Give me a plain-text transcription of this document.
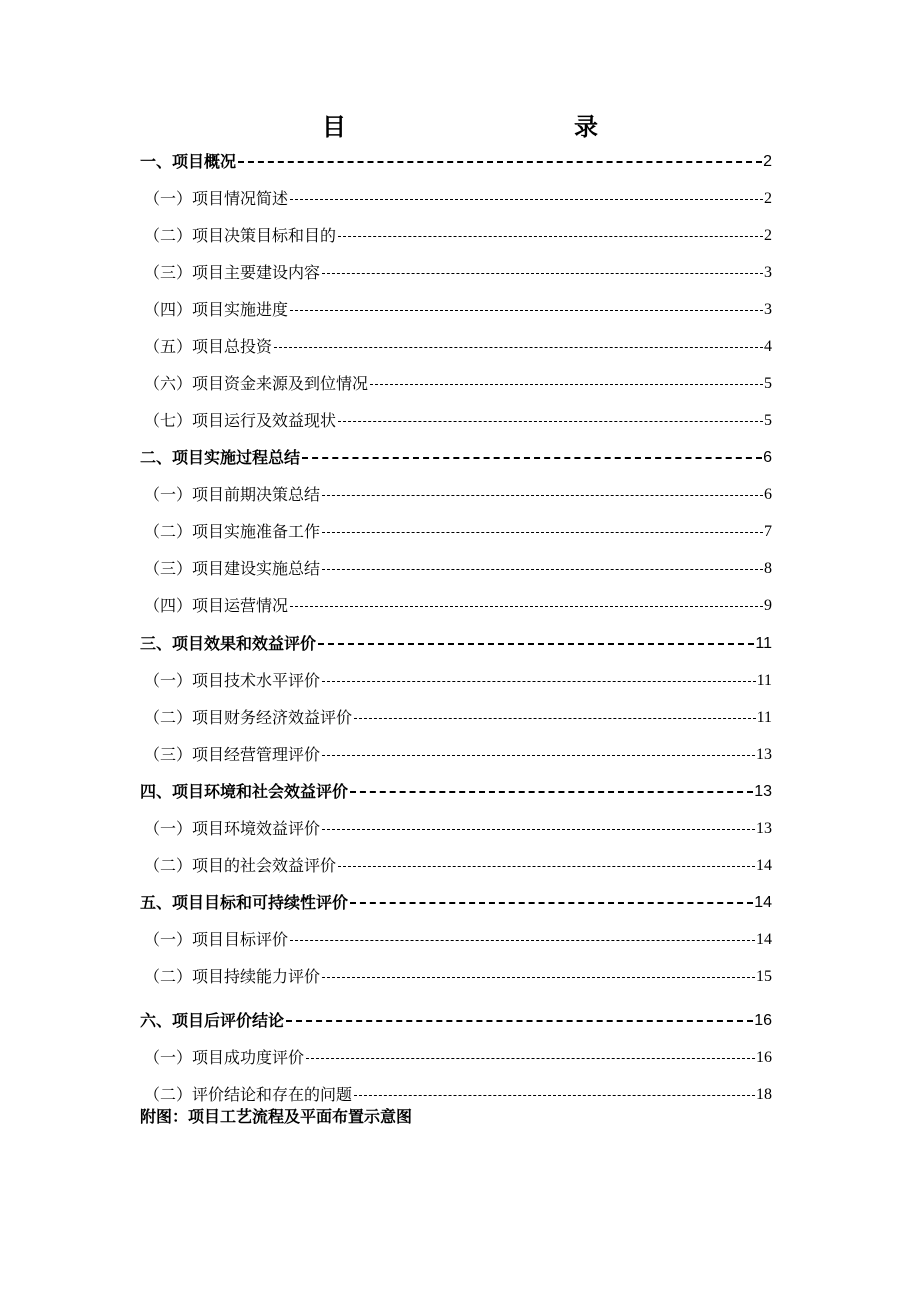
目　　录
一、项目概况	2
（一）项目情况简述	2
（二）项目决策目标和目的	2
（三）项目主要建设内容	3
（四）项目实施进度	3
（五）项目总投资	4
（六）项目资金来源及到位情况	5
（七）项目运行及效益现状	5
二、项目实施过程总结	6
（一）项目前期决策总结	6
（二）项目实施准备工作	7
（三）项目建设实施总结	8
（四）项目运营情况	9
三、项目效果和效益评价	11
（一）项目技术水平评价	11
（二）项目财务经济效益评价	11
（三）项目经营管理评价	13
四、项目环境和社会效益评价	13
（一）项目环境效益评价	13
（二）项目的社会效益评价	14
五、项目目标和可持续性评价	14
（一）项目目标评价	14
（二）项目持续能力评价	15
六、项目后评价结论	16
（一）项目成功度评价	16
（二）评价结论和存在的问题	18
附图：项目工艺流程及平面布置示意图
